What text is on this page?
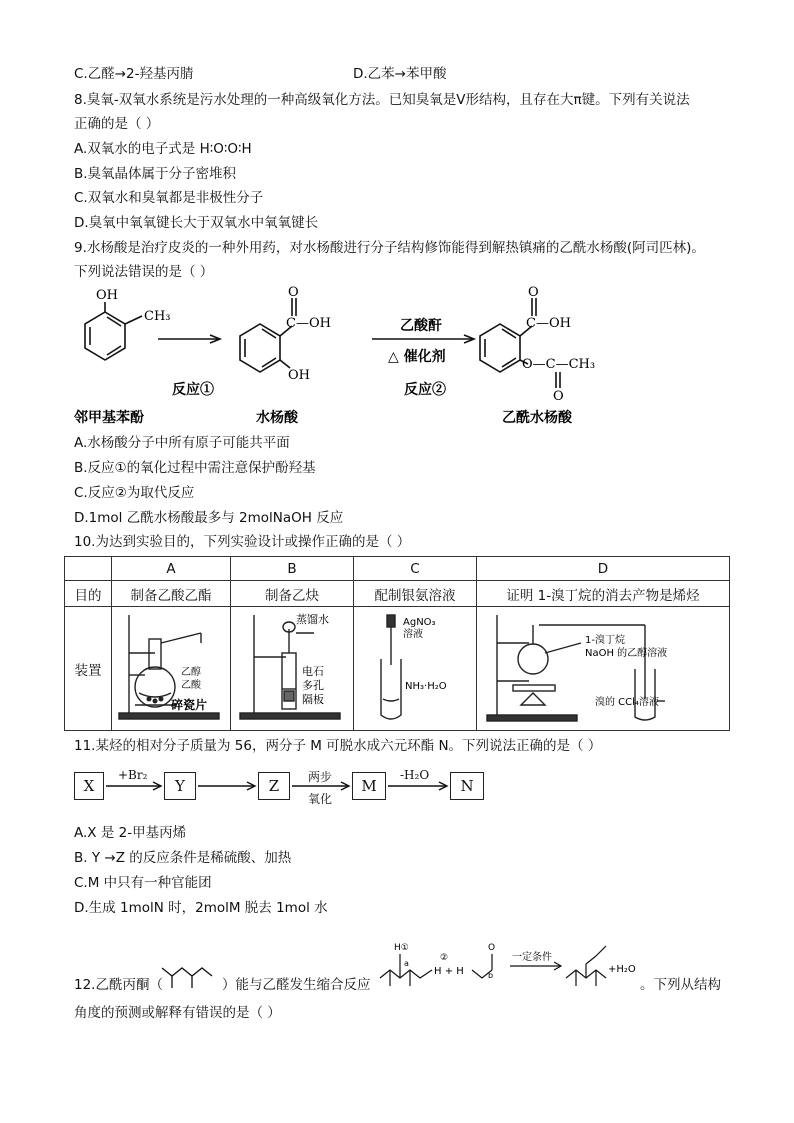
C.乙醛→2-羟基丙腈	D.乙苯→苯甲酸
8.臭氧-双氧水系统是污水处理的一种高级氧化方法。已知臭氧是V形结构，且存在大π键。下列有关说法
正确的是（ ）
A.双氧水的电子式是 H∶O∶O∶H
B.臭氧晶体属于分子密堆积
C.双氧水和臭氧都是非极性分子
D.臭氧中氧氧键长大于双氧水中氧氧键长
9.水杨酸是治疗皮炎的一种外用药，对水杨酸进行分子结构修饰能得到解热镇痛的乙酰水杨酸(阿司匹林)。
下列说法错误的是（ ）
OH
CH₃
O
C—OH
OH
乙酸酐
△ 催化剂
O
C—OH
O—C—CH₃
O
反应①	反应②
邻甲基苯酚	水杨酸	乙酰水杨酸
A.水杨酸分子中所有原子可能共平面
B.反应①的氧化过程中需注意保护酚羟基
C.反应②为取代反应
D.1mol 乙酰水杨酸最多与 2molNaOH 反应
10.为达到实验目的，下列实验设计或操作正确的是（ ）
	A	B	C	D
目的	制备乙酸乙酯	制备乙炔	配制银氨溶液	证明 1-溴丁烷的消去产物是烯烃
装置	乙醇
乙酸
碎瓷片	蒸馏水
电石
多孔
隔板	AgNO₃
溶液
NH₃·H₂O	1-溴丁烷
NaOH 的乙醇溶液
溴的 CCl₄溶液
11.某烃的相对分子质量为 56，两分子 M 可脱水成六元环酯 N。下列说法正确的是（ ）
X	Y	Z	M	N
+Br₂	两步
氧化
-H₂O
A.X 是 2-甲基丙烯
B. Y →Z 的反应条件是稀硫酸、加热
C.M 中只有一种官能团
D.生成 1molN 时，2molM 脱去 1mol 水
12.乙酰丙酮（	）能与乙醛发生缩合反应
H①
a
②
H + H	b
O
一定条件
+H₂O
。下列从结构
角度的预测或解释有错误的是（ ）
